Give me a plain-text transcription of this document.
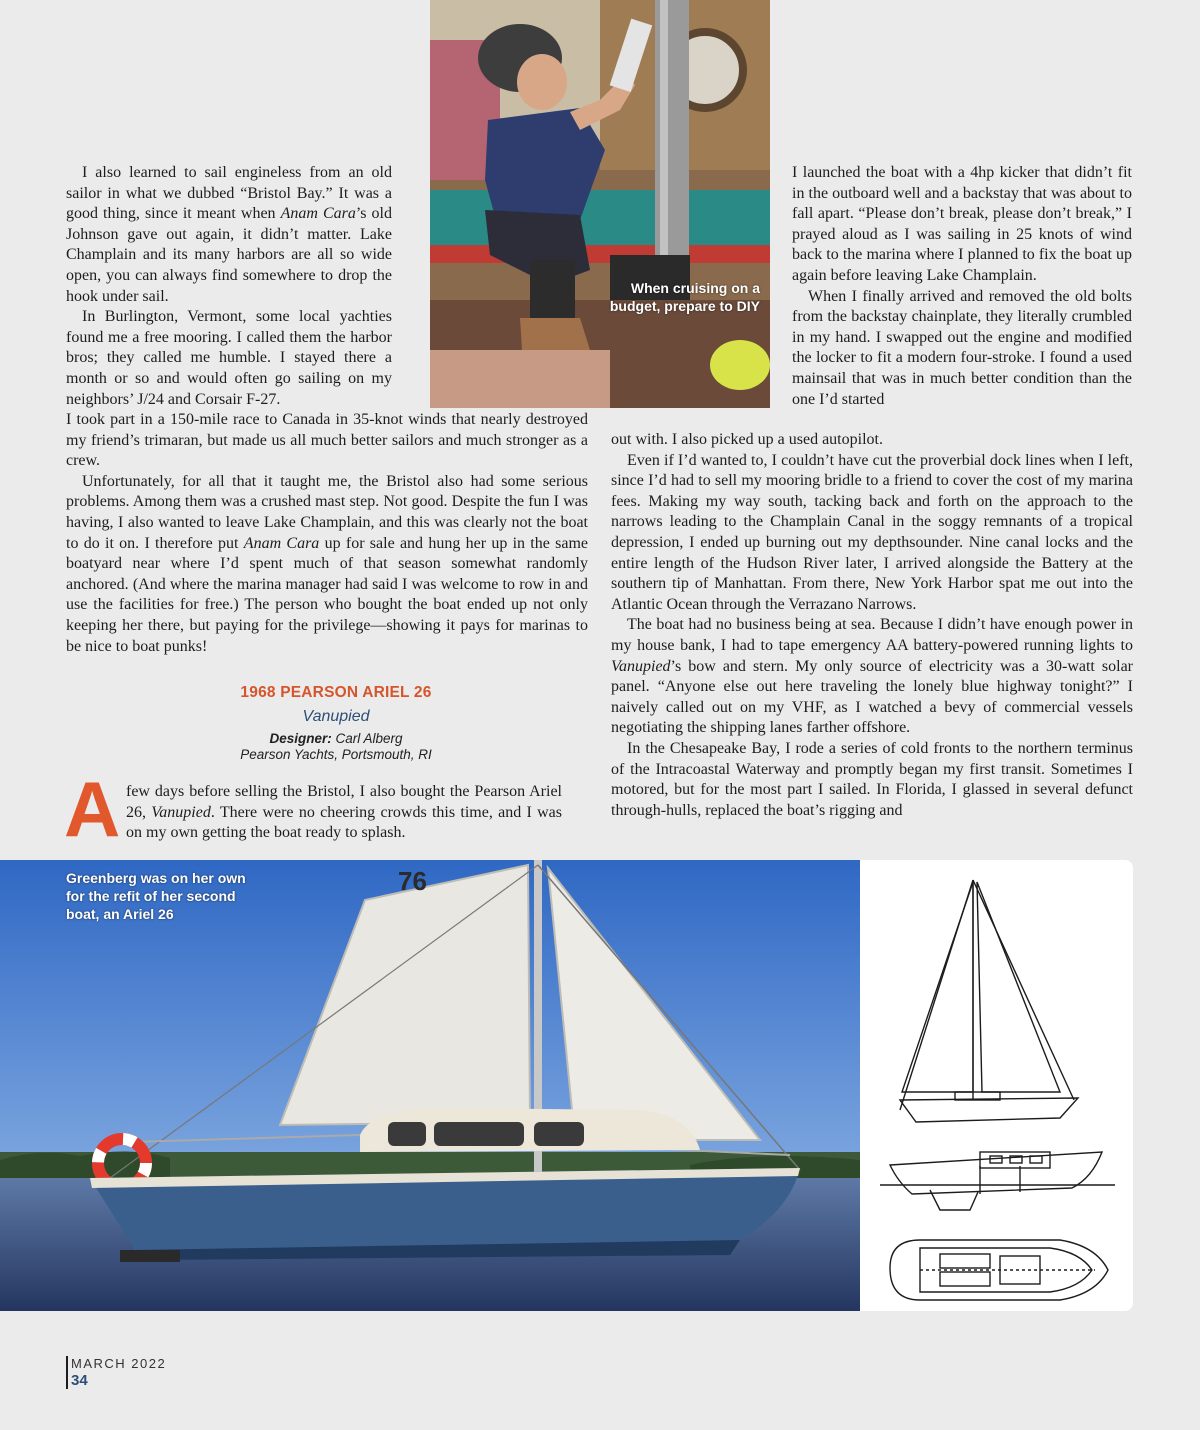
I also learned to sail engineless from an old sailor in what we dubbed “Bristol Bay.” It was a good thing, since it meant when Anam Cara’s old Johnson gave out again, it didn’t matter. Lake Champlain and its many harbors are all so wide open, you can always find somewhere to drop the hook under sail.

In Burlington, Vermont, some local yachties found me a free mooring. I called them the harbor bros; they called me humble. I stayed there a month or so and would often go sailing on my neighbors’ J/24 and Corsair F-27.

When cruising on a budget, prepare to DIY

I launched the boat with a 4hp kicker that didn’t fit in the outboard well and a backstay that was about to fall apart. “Please don’t break, please don’t break,” I prayed aloud as I was sailing in 25 knots of wind back to the marina where I planned to fix the boat up again before leaving Lake Champlain.

When I finally arrived and removed the old bolts from the backstay chainplate, they literally crumbled in my hand. I swapped out the engine and modified the locker to fit a modern four-stroke. I found a used mainsail that was in much better condition than the one I’d started

I took part in a 150-mile race to Canada in 35-knot winds that nearly destroyed my friend’s trimaran, but made us all much better sailors and much stronger as a crew.

Unfortunately, for all that it taught me, the Bristol also had some serious problems. Among them was a crushed mast step. Not good. Despite the fun I was having, I also wanted to leave Lake Champlain, and this was clearly not the boat to do it on. I therefore put Anam Cara up for sale and hung her up in the same boatyard near where I’d spent much of that season somewhat randomly anchored. (And where the marina manager had said I was welcome to row in and use the facilities for free.) The person who bought the boat ended up not only keeping her there, but paying for the privilege—showing it pays for marinas to be nice to boat punks!

out with. I also picked up a used autopilot.

Even if I’d wanted to, I couldn’t have cut the proverbial dock lines when I left, since I’d had to sell my mooring bridle to a friend to cover the cost of my marina fees. Making my way south, tacking back and forth on the approach to the narrows leading to the Champlain Canal in the soggy remnants of a tropical depression, I ended up burning out my depthsounder. Nine canal locks and the entire length of the Hudson River later, I arrived alongside the Battery at the southern tip of Manhattan. From there, New York Harbor spat me out into the Atlantic Ocean through the Verrazano Narrows.

The boat had no business being at sea. Because I didn’t have enough power in my house bank, I had to tape emergency AA battery-powered running lights to Vanupied’s bow and stern. My only source of electricity was a 30-watt solar panel. “Anyone else out here traveling the lonely blue highway tonight?” I naively called out on my VHF, as I watched a bevy of commercial vessels negotiating the shipping lanes farther offshore.

In the Chesapeake Bay, I rode a series of cold fronts to the northern terminus of the Intracoastal Waterway and promptly began my first transit. Sometimes I motored, but for the most part I sailed. In Florida, I glassed in several defunct through-hulls, replaced the boat’s rigging and

1968 PEARSON ARIEL 26
Vanupied
Designer: Carl Alberg
Pearson Yachts, Portsmouth, RI
A few days before selling the Bristol, I also bought the Pearson Ariel 26, Vanupied. There were no cheering crowds this time, and I was on my own getting the boat ready to splash.

76
Greenberg was on her own for the refit of her second boat, an Ariel 26
MARCH 2022
34
